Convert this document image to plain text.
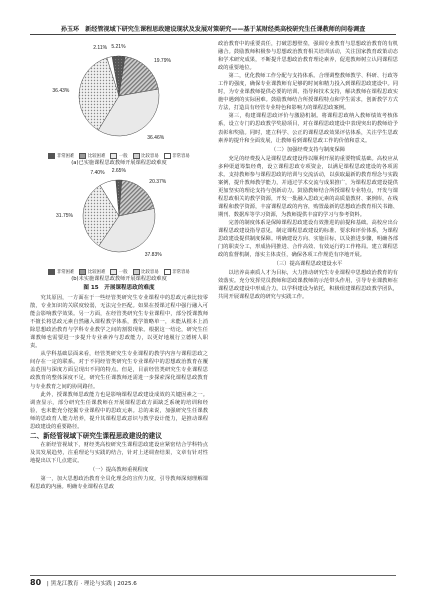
孙玉环　新经管视域下研究生课程思政建设现状及发展对策研究——基于某财经类高校研究生任课教师的问卷调查
5.21%
19.79%
36.46%
36.43%
2.11%
非常困难	比较困难	一般	比较容易	非常容易

(a)已实施课程思政教师开展课程思政难度

2.65%
20.37%
37.83%
31.75%
7.40%
非常困难	比较困难	一般	比较容易	非常容易

(b)未实施课程思政教师开展课程思政难度

图 15　开展课程思政的难度

究其原因，一方面在于一些经管类研究生专业课程中的思政元素比较零散，专业知识的关联度较弱，无法完全匹配。如果在授课过程中强行融入可能会影响教学效果。另一方面，在经管类研究生专业课程中，部分授课教师不擅长将思政元素自然融入课程教学体系，教学策略单一，未能从根本上消除思想政治教育与学科专业教学之间的割裂现象。根据这一结论，研究生任课教师也需要进一步提升专业素养与思政能力，以更好地履行立德树人职责。

从学科基础层面来看，经管类研究生专业课程的教学内容与课程思政之间存在一定的联系。对于不同经管类研究生专业课程中的思想政治教育在覆盖范围与深度方面呈现出不同的特点。但是，目前经管类研究生专业课程思政教育的整体深度不足，研究生任课教师还需进一步探索深化课程思政教育与专业教育之间的协同路径。

此外，授课教师思政能力也是影响课程思政建设成效的关键因素之一。调查显示，部分研究生任课教师在开展课程思政方面缺乏系统的培训和经验，也未能充分挖掘专业课程中的思政元素。总的来说，加强研究生任课教师的思政育人能力培养，提升其课程思政意识与教学设计能力，是推动课程思政建设的重要路径。

二、新经管视域下研究生课程思政建设的建议

在新经管视域下，财经类高校研究生课程思政建设应紧密结合学科特点及其发展趋势，注重理论与实践的结合，针对上述调查结果，文章有针对性地提出以下几点建议。

（一）提高教师重视程度

第一，加大思想政治教育全员化理念的宣传力度，引导教师深刻理解课程思政的内涵。明确专业课程在思政

政治教育中的重要责任，打破思想壁垒，强调专业教育与思想政治教育的有机融合。鼓励教师积极参与思想政治教育相关培训活动，关注国家教育政策动态和学术研究成果，不断提升思想政治教育理论素养，促进教师树立认同课程思政的重要地位。

第二，优化教师工作分配与支持体系。合理调整教师教学、科研、行政等工作的强度，确保专业课教师有足够的时间和精力投入到课程思政建设中。同时，为专业课教师提供必要的培训、指导和技术支持，解决教师在课程思政实施中遇到的实际困难。鼓励教师结合所授课程特点和学生需求，创新教学方式方法，打造具有经管专业特色和影响力的课程思政案例。

第三，构建课程思政评价与激励机制。将课程思政纳入教师绩效考核体系，设立专门的思政教学奖励项目，对在课程思政建设中表现突出的教师给予表彰和奖励。同时，建立科学、公正的课程思政效果评估体系，关注学生思政素养的提升和全面发展，让教师看到课程思政工作的价值和意义。

（二）加强经费支持与制度保障

充足的经费投入是课程思政建设得以顺利开展的重要物质基础。高校应从多种渠道筹集经费，设立课程思政专项资金，以满足课程思政建设的各项需求。支持教师参与课程思政的培训与交流活动，以获取最新的教育理念与实践案例，提升教师教学能力，并通过学术交流与成果推广，为课程思政建设提供更加坚实的理论支持与创新动力。鼓励教师结合所授课程专业特点，开发与课程思政相关的教学资源，开发一批融入思政元素的高质量教材、案例库，在线课程和教学资源，丰富课程思政的内容，购置最新的思想政治教育相关书籍、期刊、数据库等学习资源，为教师提供丰富的学习与参考资料。

完善的制度体系是保障课程思政建设有效推进的前提和基础。高校应出台课程思政建设指导意见，制定课程思政建设的标准、要求和评价体系，为课程思政建设提供制度保障。明确建设方向、实施目标，以及推进步骤，明确各部门的职责分工，形成协同推进、合作高效、有效运行的工作格局。建立课程思政的监督机制，落实主体责任，确保各项工作规范有序地开展。

（三）提高课程思政建设水平

以培养高素质人才为目标，大力推动研究生专业课程中思想政治教育的有效落实。充分发挥党员教师和思政课教师的示范带头作用，引导专业课教师在课程思政建设中形成合力。以学科建设为依托，积极组建课程思政教学团队，共同开展课程思政的研究与实践工作。

80 | 黑龙江教育 · 理论与实践 | 2025.6
